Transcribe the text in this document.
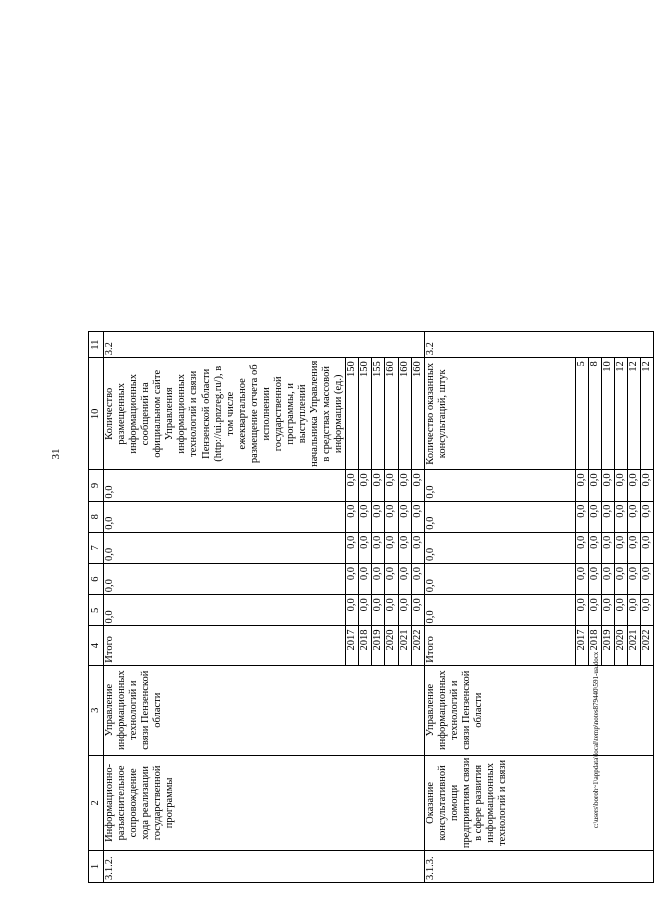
31
1	2	3	4	5	6	7	8	9	10	11
3.1.2.	Информационно-разъяснительное сопровождение хода реализации государственной программы	Управление информационных технологий и связи Пензенской области	Итого	0,0	0,0	0,0	0,0	0,0	Количество размещенных информационных сообщений на официальном сайте Управления информационных технологий и связи Пензенской области (http://ui.pnzreg.ru/), в том числе ежеквартальное размещение отчета об исполнении государственной программы, и выступлений начальника Управления в средствах массовой информации (ед.)	3.2
			2017	0,0	0,0	0,0	0,0	0,0	150	
			2018	0,0	0,0	0,0	0,0	0,0	150	
			2019	0,0	0,0	0,0	0,0	0,0	155	
			2020	0,0	0,0	0,0	0,0	0,0	160	
			2021	0,0	0,0	0,0	0,0	0,0	160	
			2022	0,0	0,0	0,0	0,0	0,0	160	
3.1.3.	Оказание консультативной помощи предприятиям связи в сфере развития информационных технологий и связи	Управление информационных технологий и связи Пензенской области	Итого	0,0	0,0	0,0	0,0	0,0	Количество оказанных консультаций, штук	3.2
			2017	0,0	0,0	0,0	0,0	0,0	5	
			2018	0,0	0,0	0,0	0,0	0,0	8	
			2019	0,0	0,0	0,0	0,0	0,0	10	
			2020	0,0	0,0	0,0	0,0	0,0	12	
			2021	0,0	0,0	0,0	0,0	0,0	12	
			2022	0,0	0,0	0,0	0,0	0,0	12	
c:\users\boroh~1\appdata\local\temp\notes879440\591-ua.docx
